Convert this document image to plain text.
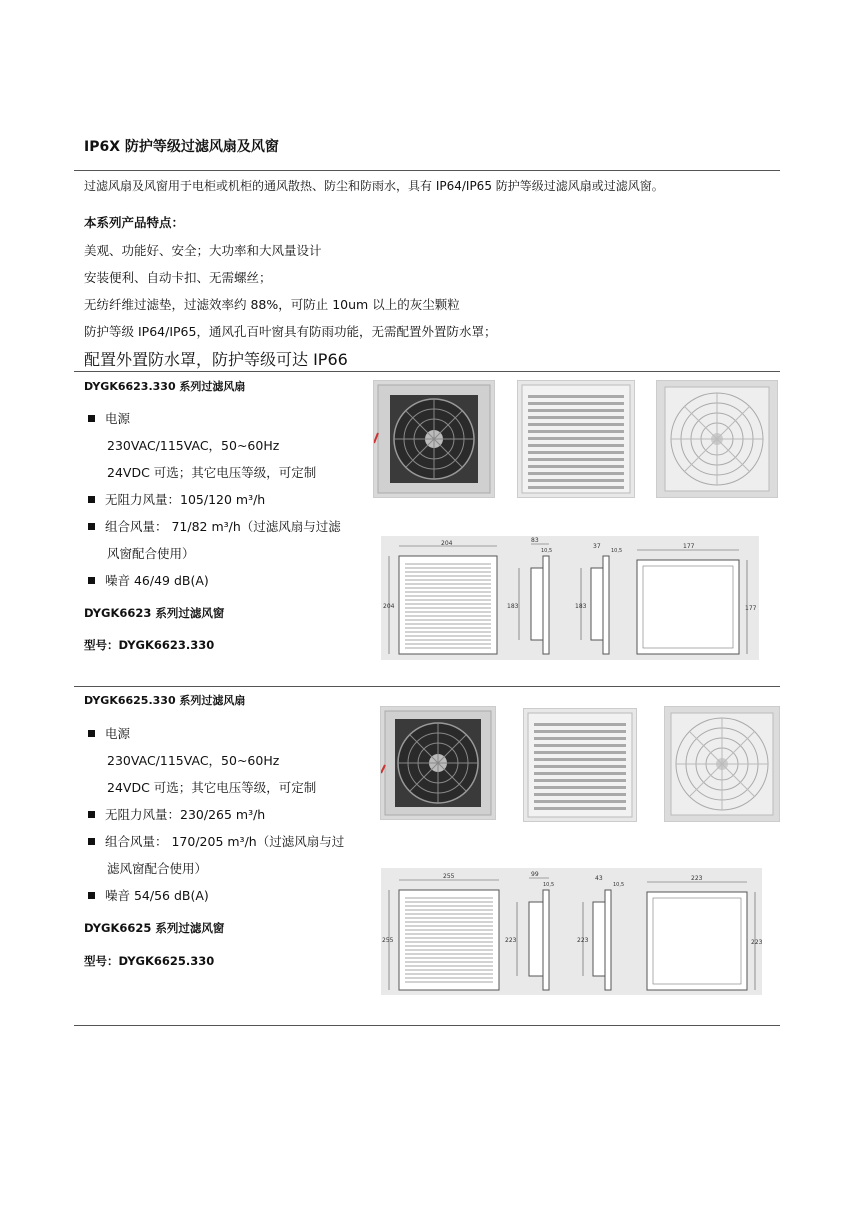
IP6X 防护等级过滤风扇及风窗
过滤风扇及风窗用于电柜或机柜的通风散热、防尘和防雨水，具有 IP64/IP65 防护等级过滤风扇或过滤风窗。
本系列产品特点：
美观、功能好、安全；大功率和大风量设计
安装便利、自动卡扣、无需螺丝；
无纺纤维过滤垫，过滤效率约 88%，可防止 10um 以上的灰尘颗粒
防护等级 IP64/IP65，通风孔百叶窗具有防雨功能，无需配置外置防水罩；
配置外置防水罩，防护等级可达 IP66
DYGK6623.330 系列过滤风扇
电源
230VAC/115VAC，50~60Hz
24VDC 可选；其它电压等级，可定制
无阻力风量：105/120 m³/h
组合风量： 71/82 m³/h（过滤风扇与过滤
风窗配合使用）
噪音 46/49 dB(A)
DYGK6623 系列过滤风窗
型号：DYGK6623.330
204
204
83
10,5
183
37
10,5
183
177
177
DYGK6625.330 系列过滤风扇
电源
230VAC/115VAC，50~60Hz
24VDC 可选；其它电压等级，可定制
无阻力风量：230/265 m³/h
组合风量： 170/205 m³/h（过滤风扇与过
滤风窗配合使用）
噪音 54/56 dB(A)
DYGK6625 系列过滤风窗
型号：DYGK6625.330
255
255
99
10,5
223
43
10,5
223
223
223
